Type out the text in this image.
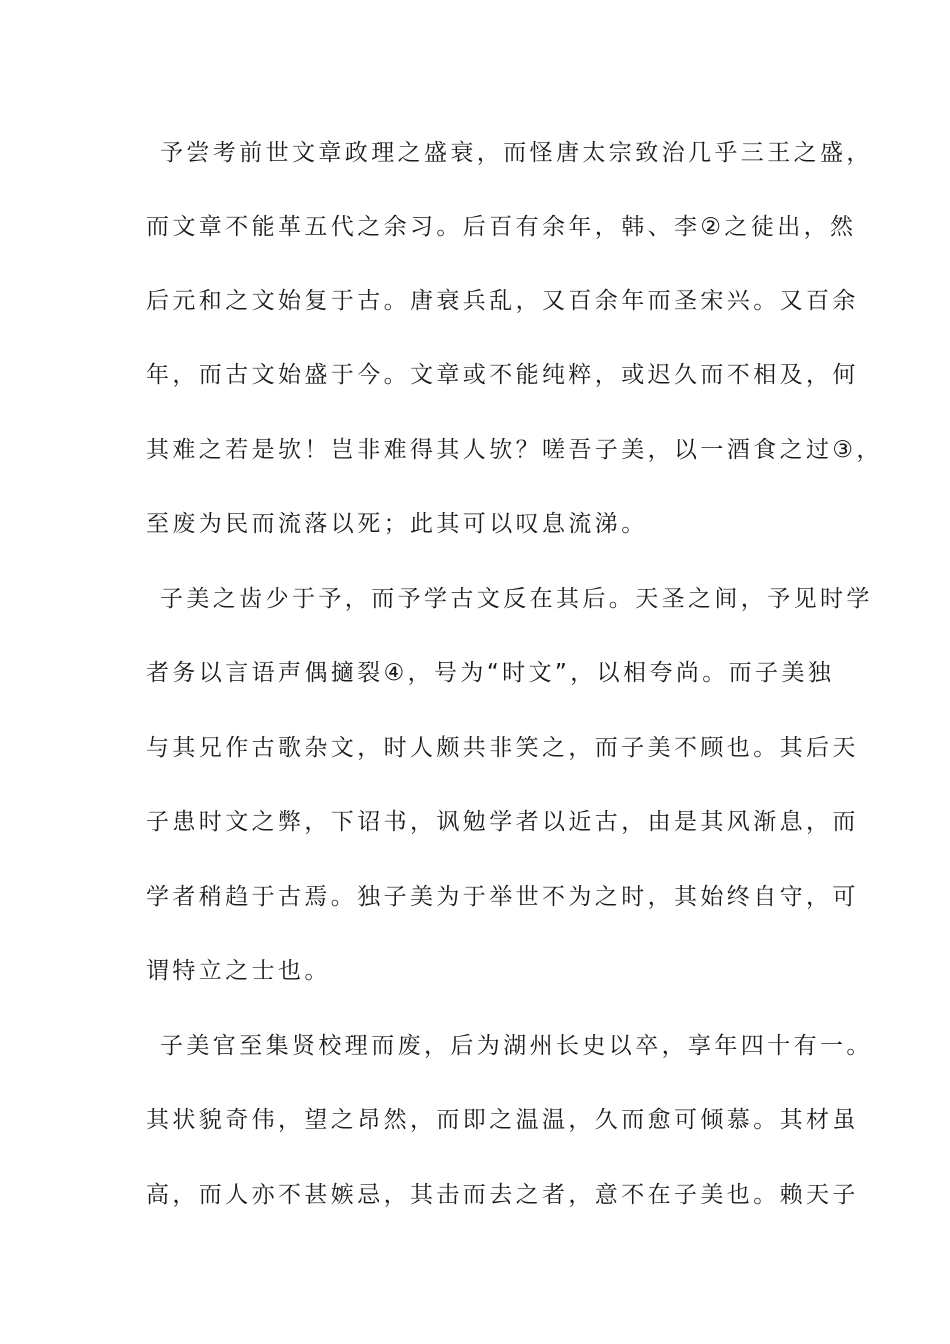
予尝考前世文章政理之盛衰，而怪唐太宗致治几乎三王之盛，
而文章不能革五代之余习。后百有余年，韩、李②之徒出，然
后元和之文始复于古。唐衰兵乱，又百余年而圣宋兴。又百余
年，而古文始盛于今。文章或不能纯粹，或迟久而不相及，何
其难之若是欤！岂非难得其人欤？嗟吾子美，以一酒食之过③，
至废为民而流落以死；此其可以叹息流涕。
子美之齿少于予，而予学古文反在其后。天圣之间，予见时学
者务以言语声偶擿裂④，号为“时文”，以相夸尚。而子美独
与其兄作古歌杂文，时人颇共非笑之，而子美不顾也。其后天
子患时文之弊，下诏书，讽勉学者以近古，由是其风渐息，而
学者稍趋于古焉。独子美为于举世不为之时，其始终自守，可
谓特立之士也。
子美官至集贤校理而废，后为湖州长史以卒，享年四十有一。
其状貌奇伟，望之昂然，而即之温温，久而愈可倾慕。其材虽
高，而人亦不甚嫉忌，其击而去之者，意不在子美也。赖天子
